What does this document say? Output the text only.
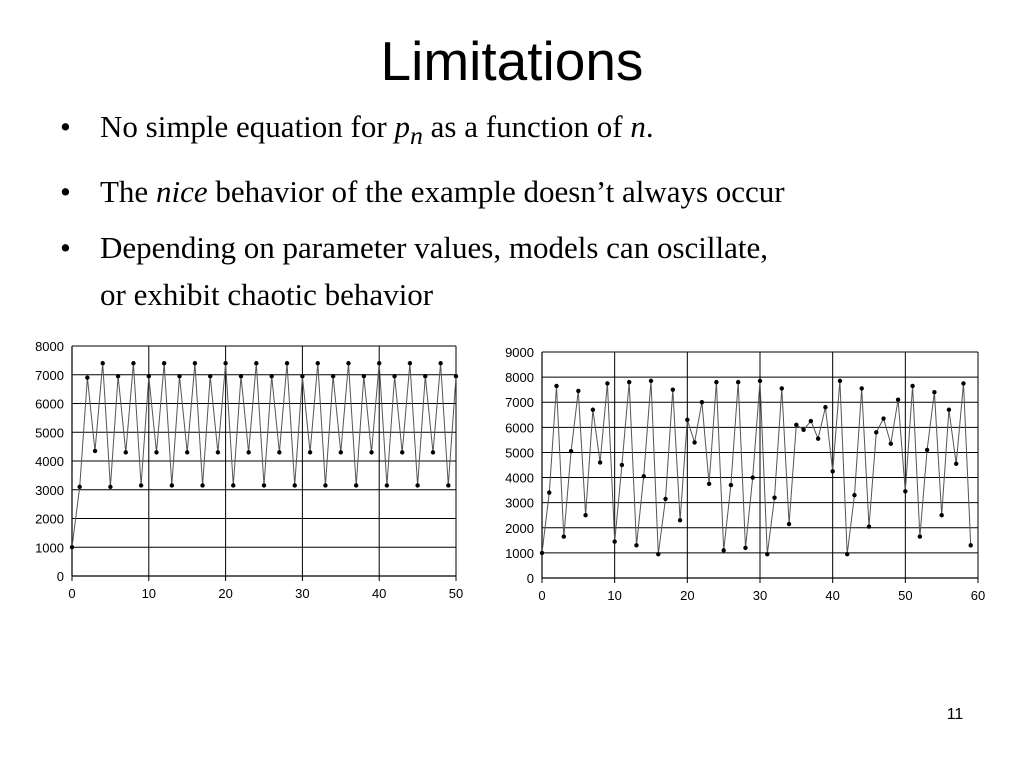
Limitations
• No simple equation for $p_n$ as a function of n.
• The nice behavior of the example doesn’t always occur
• Depending on parameter values, models can oscillate,
or exhibit chaotic behavior
0
1000
2000
3000
4000
5000
6000
7000
8000
0	10	20	30	40	50
0
1000
2000
3000
4000
5000
6000
7000
8000
9000
0	10	20	30	40	50	60
11
